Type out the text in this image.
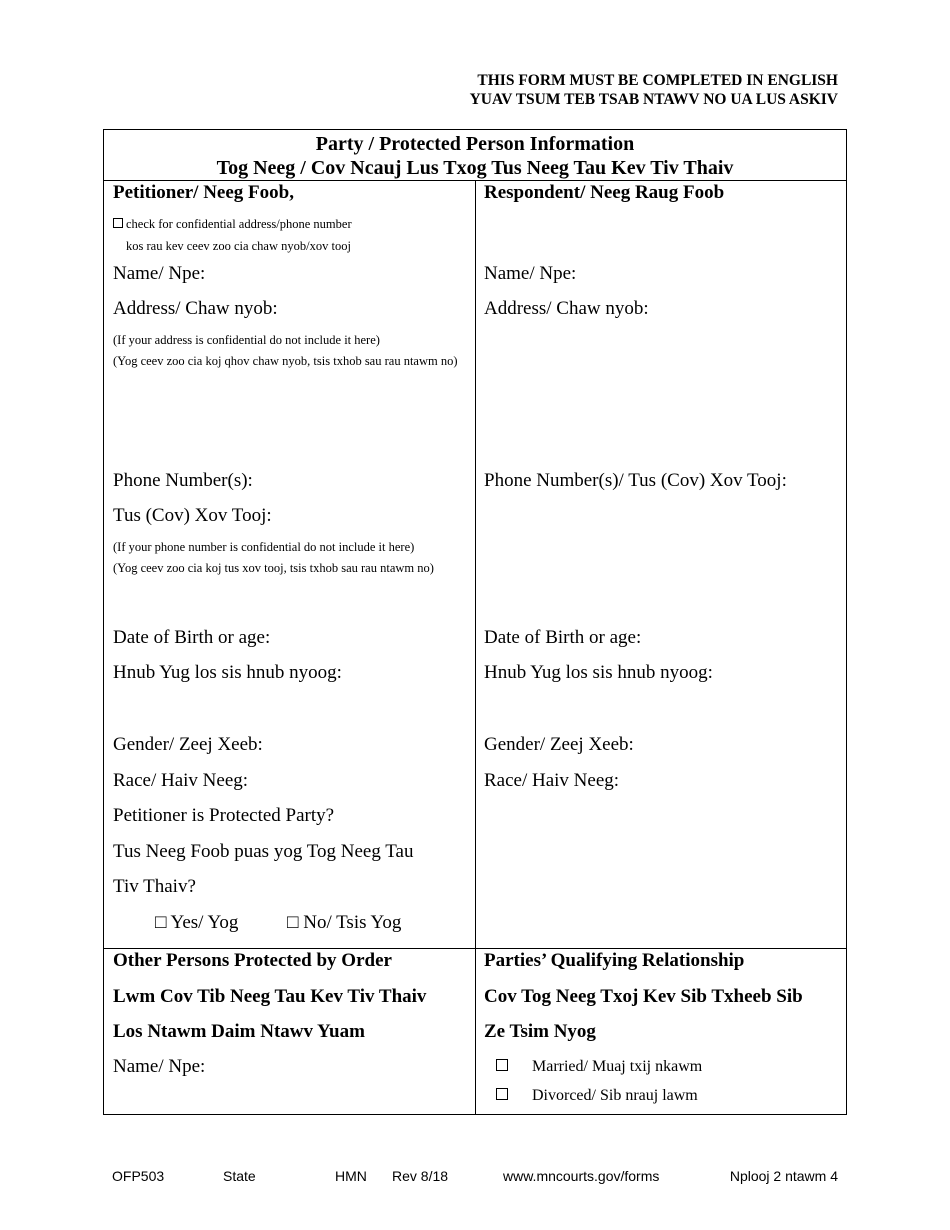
THIS FORM MUST BE COMPLETED IN ENGLISH
YUAV TSUM TEB TSAB NTAWV NO UA LUS ASKIV
Party / Protected Person Information
Tog Neeg / Cov Ncauj Lus Txog Tus Neeg Tau Kev Tiv Thaiv
Petitioner/ Neeg Foob,
check for confidential address/phone number
kos rau kev ceev zoo cia chaw nyob/xov tooj
Name/ Npe:
Address/ Chaw nyob:
(If your address is confidential do not include it here)
(Yog ceev zoo cia koj qhov chaw nyob, tsis txhob sau rau ntawm no)
Phone Number(s):
Tus (Cov) Xov Tooj:
(If your phone number is confidential do not include it here)
(Yog ceev zoo cia koj tus xov tooj, tsis txhob sau rau ntawm no)
Date of Birth or age:
Hnub Yug los sis hnub nyoog:
Gender/ Zeej Xeeb:
Race/ Haiv Neeg:
Petitioner is Protected Party?
Tus Neeg Foob puas yog Tog Neeg Tau
Tiv Thaiv?
□ Yes/ Yog	□ No/ Tsis Yog
Respondent/ Neeg Raug Foob
Name/ Npe:
Address/ Chaw nyob:
Phone Number(s)/ Tus (Cov) Xov Tooj:
Date of Birth or age:
Hnub Yug los sis hnub nyoog:
Gender/ Zeej Xeeb:
Race/ Haiv Neeg:
Other Persons Protected by Order
Lwm Cov Tib Neeg Tau Kev Tiv Thaiv
Los Ntawm Daim Ntawv Yuam
Name/ Npe:
Parties’ Qualifying Relationship
Cov Tog Neeg Txoj Kev Sib Txheeb Sib
Ze Tsim Nyog
Married/ Muaj txij nkawm
Divorced/ Sib nrauj lawm
OFP503	State	HMN Rev 8/18	www.mncourts.gov/forms	Nplooj 2 ntawm 4
